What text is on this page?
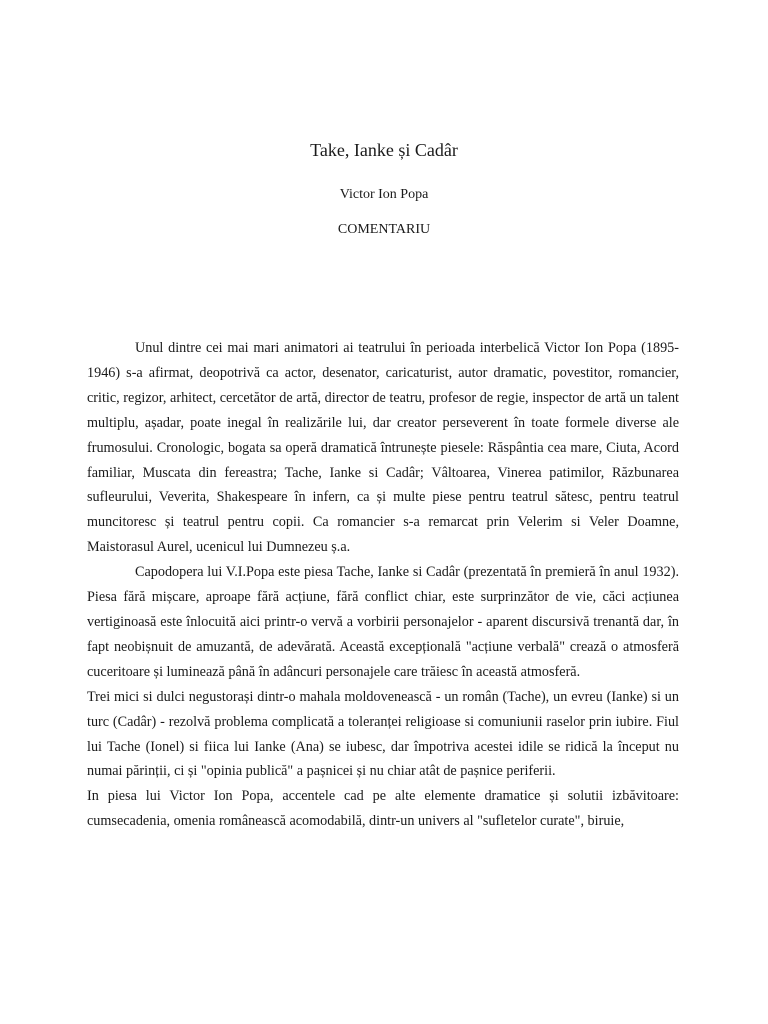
Take, Ianke și Cadâr
Victor Ion Popa
COMENTARIU

Unul dintre cei mai mari animatori ai teatrului în perioada interbelică Victor Ion Popa (1895-1946) s-a afirmat, deopotrivă ca actor, desenator, caricaturist, autor dramatic, povestitor, romancier, critic, regizor, arhitect, cercetător de artă, director de teatru, profesor de regie, inspector de artă un talent multiplu, așadar, poate inegal în realizările lui, dar creator perseverent în toate formele diverse ale frumosului. Cronologic, bogata sa operă dramatică întrunește piesele: Răspântia cea mare, Ciuta, Acord familiar, Muscata din fereastra; Tache, Ianke si Cadâr; Vâltoarea, Vinerea patimilor, Răzbunarea sufleurului, Veverita, Shakespeare în infern, ca și multe piese pentru teatrul sătesc, pentru teatrul muncitoresc și teatrul pentru copii. Ca romancier s-a remarcat prin Velerim si Veler Doamne, Maistorasul Aurel, ucenicul lui Dumnezeu ș.a.

Capodopera lui V.I.Popa este piesa Tache, Ianke si Cadâr (prezentată în premieră în anul 1932). Piesa fără mișcare, aproape fără acțiune, fără conflict chiar, este surprinzător de vie, căci acțiunea vertiginoasă este înlocuită aici printr-o vervă a vorbirii personajelor - aparent discursivă trenantă dar, în fapt neobișnuit de amuzantă, de adevărată. Această excepțională "acțiune verbală" crează o atmosferă cuceritoare și luminează până în adâncuri personajele care trăiesc în această atmosferă.

Trei mici si dulci negustorași dintr-o mahala moldovenească - un român (Tache), un evreu (Ianke) si un turc (Cadâr) - rezolvă problema complicată a toleranței religioase si comuniunii raselor prin iubire. Fiul lui Tache (Ionel) si fiica lui Ianke (Ana) se iubesc, dar împotriva acestei idile se ridică la început nu numai părinții, ci și "opinia publică" a pașnicei și nu chiar atât de pașnice periferii.

In piesa lui Victor Ion Popa, accentele cad pe alte elemente dramatice și solutii izbăvitoare: cumsecadenia, omenia românească acomodabilă, dintr-un univers al "sufletelor curate", biruie,
